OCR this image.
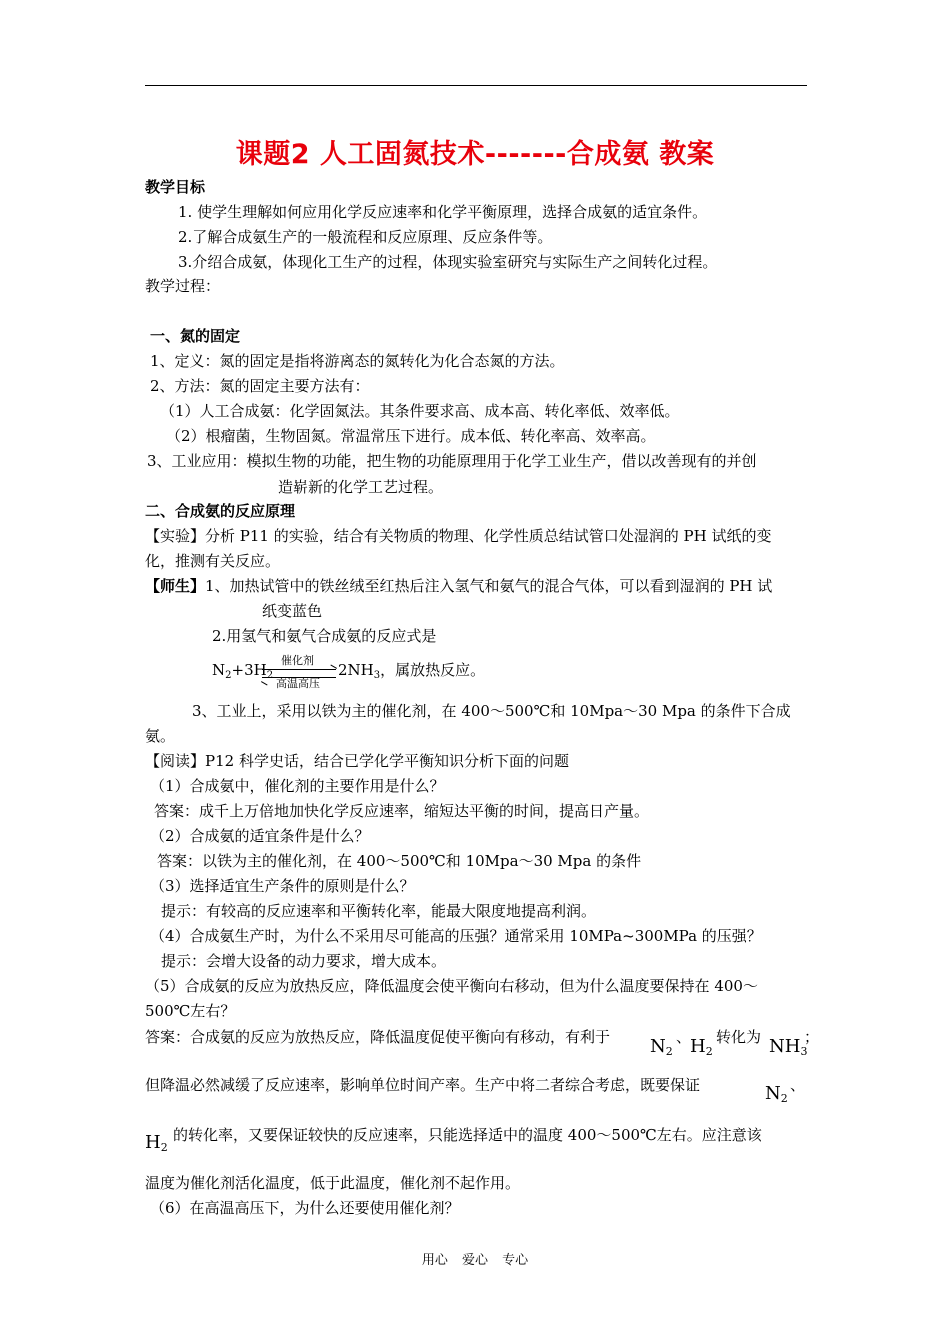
课题2 人工固氮技术-------合成氨 教案
教学目标
1. 使学生理解如何应用化学反应速率和化学平衡原理，选择合成氨的适宜条件。
2.了解合成氨生产的一般流程和反应原理、反应条件等。
3.介绍合成氨，体现化工生产的过程，体现实验室研究与实际生产之间转化过程。
教学过程：
一、氮的固定
1、定义：氮的固定是指将游离态的氮转化为化合态氮的方法。
2、方法：氮的固定主要方法有：
（1）人工合成氨：化学固氮法。其条件要求高、成本高、转化率低、效率低。
（2）根瘤菌，生物固氮。常温常压下进行。成本低、转化率高、效率高。
3、工业应用：模拟生物的功能，把生物的功能原理用于化学工业生产，借以改善现有的并创
造崭新的化学工艺过程。
二、合成氨的反应原理
【实验】分析 P11 的实验，结合有关物质的物理、化学性质总结试管口处湿润的 PH 试纸的变
化，推测有关反应。
【师生】1、加热试管中的铁丝绒至红热后注入氢气和氨气的混合气体，可以看到湿润的 PH 试
纸变蓝色
2.用氢气和氨气合成氨的反应式是
$N_2+3H_2$
催化剂
高温高压
$2NH_3$，属放热反应。
3、工业上，采用以铁为主的催化剂，在 400～500℃和 10Mpa～30 Mpa 的条件下合成
氨。
【阅读】P12 科学史话，结合已学化学平衡知识分析下面的问题
（1）合成氨中，催化剂的主要作用是什么？
答案：成千上万倍地加快化学反应速率，缩短达平衡的时间，提高日产量。
（2）合成氨的适宜条件是什么？
答案：以铁为主的催化剂，在 400～500℃和 10Mpa～30 Mpa 的条件
（3）选择适宜生产条件的原则是什么？
提示：有较高的反应速率和平衡转化率，能最大限度地提高利润。
（4）合成氨生产时，为什么不采用尽可能高的压强？通常采用 10MPa~300MPa 的压强？
提示：会增大设备的动力要求，增大成本。
（5）合成氨的反应为放热反应，降低温度会使平衡向右移动，但为什么温度要保持在 400～
500℃左右？
答案：合成氨的反应为放热反应，降低温度促使平衡向有移动，有利于 $N_2$
、
$H_2$
转化为 $NH_3$
；
但降温必然减缓了反应速率，影响单位时间产率。生产中将二者综合考虑，既要保证	$N_2$
、
$H_2$
的转化率，又要保证较快的反应速率，只能选择适中的温度 400～500℃左右。应注意该
温度为催化剂活化温度，低于此温度，催化剂不起作用。
（6）在高温高压下，为什么还要使用催化剂？
用心 爱心 专心
